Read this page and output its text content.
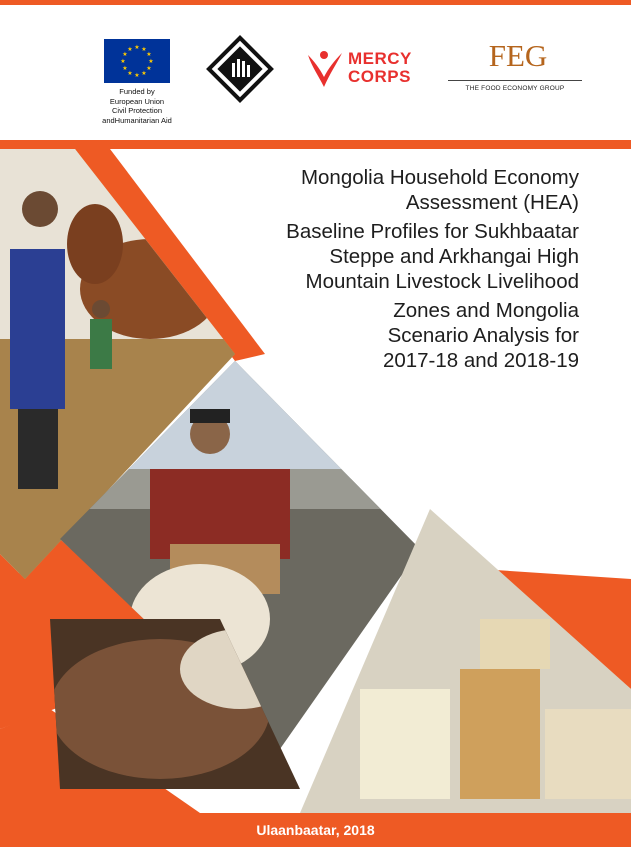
★ ★
★
★
★
★
★
★
★
★
★
★
Funded by
European Union
Civil Protection
andHumanitarian Aid
MERCY
CORPS
FEG
THE FOOD ECONOMY GROUP

Mongolia Household Economy
Assessment (HEA)

Baseline Profiles for Sukhbaatar
Steppe and Arkhangai High
Mountain Livestock Livelihood

Zones and Mongolia
Scenario Analysis for
2017-18 and 2018-19

Ulaanbaatar, 2018
